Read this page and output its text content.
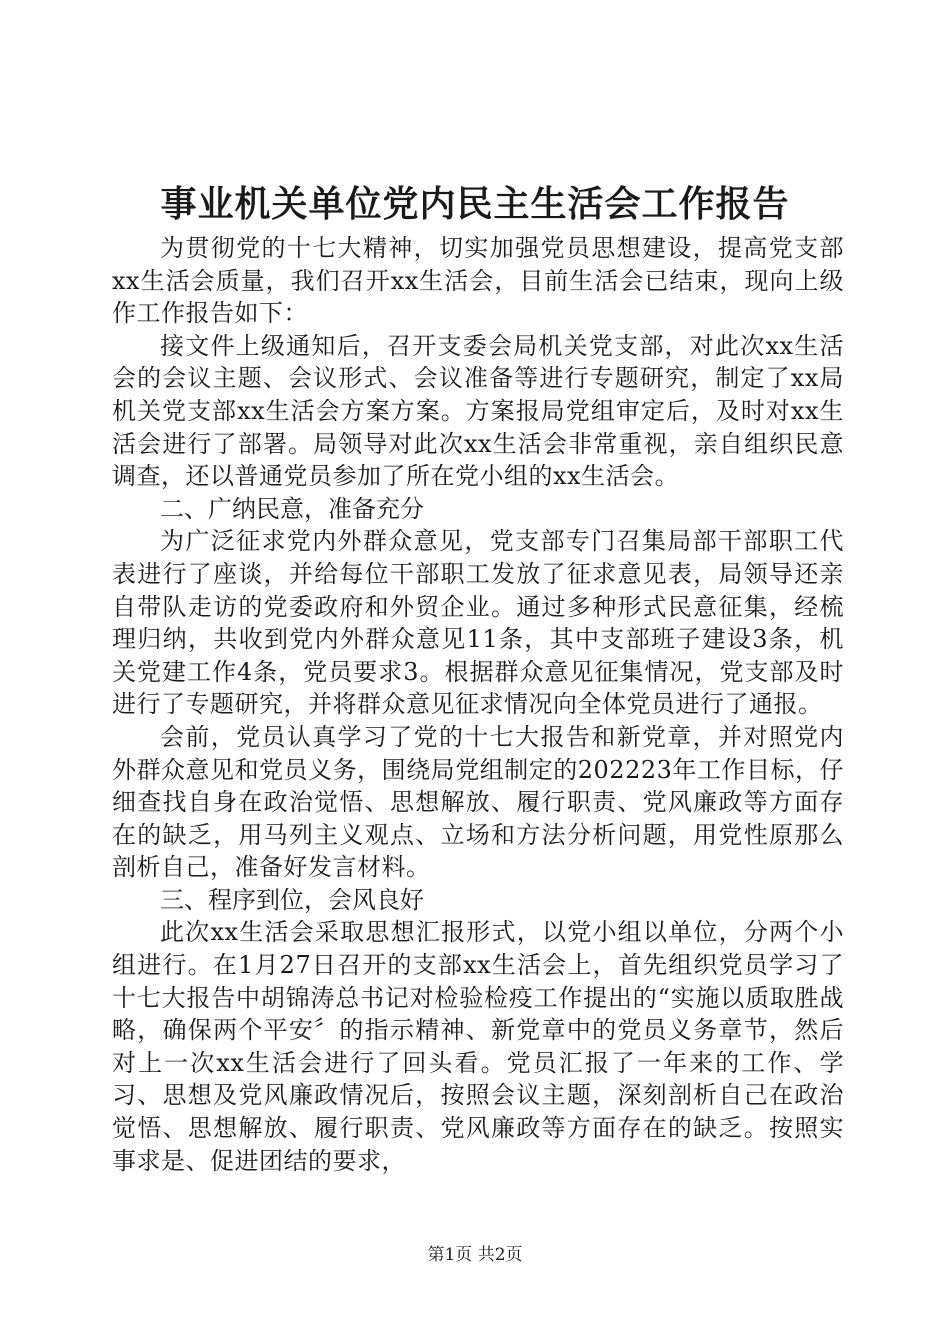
事业机关单位党内民主生活会工作报告

为贯彻党的十七大精神，切实加强党员思想建设，提高党支部xx生活会质量，我们召开xx生活会，目前生活会已结束，现向上级作工作报告如下：

接文件上级通知后，召开支委会局机关党支部，对此次xx生活会的会议主题、会议形式、会议准备等进行专题研究，制定了xx局机关党支部xx生活会方案方案。方案报局党组审定后，及时对xx生活会进行了部署。局领导对此次xx生活会非常重视，亲自组织民意调查，还以普通党员参加了所在党小组的xx生活会。

二、广纳民意，准备充分

为广泛征求党内外群众意见，党支部专门召集局部干部职工代表进行了座谈，并给每位干部职工发放了征求意见表，局领导还亲自带队走访的党委政府和外贸企业。通过多种形式民意征集，经梳理归纳，共收到党内外群众意见11条，其中支部班子建设3条，机关党建工作4条，党员要求3。根据群众意见征集情况，党支部及时进行了专题研究，并将群众意见征求情况向全体党员进行了通报。

会前，党员认真学习了党的十七大报告和新党章，并对照党内外群众意见和党员义务，围绕局党组制定的202223年工作目标，仔细查找自身在政治觉悟、思想解放、履行职责、党风廉政等方面存在的缺乏，用马列主义观点、立场和方法分析问题，用党性原那么剖析自己，准备好发言材料。

三、程序到位，会风良好

此次xx生活会采取思想汇报形式，以党小组以单位，分两个小组进行。在1月27日召开的支部xx生活会上，首先组织党员学习了十七大报告中胡锦涛总书记对检验检疫工作提出的“实施以质取胜战略，确保两个平安〞的指示精神、新党章中的党员义务章节，然后对上一次xx生活会进行了回头看。党员汇报了一年来的工作、学习、思想及党风廉政情况后，按照会议主题，深刻剖析自己在政治觉悟、思想解放、履行职责、党风廉政等方面存在的缺乏。按照实事求是、促进团结的要求，

第1页 共2页
